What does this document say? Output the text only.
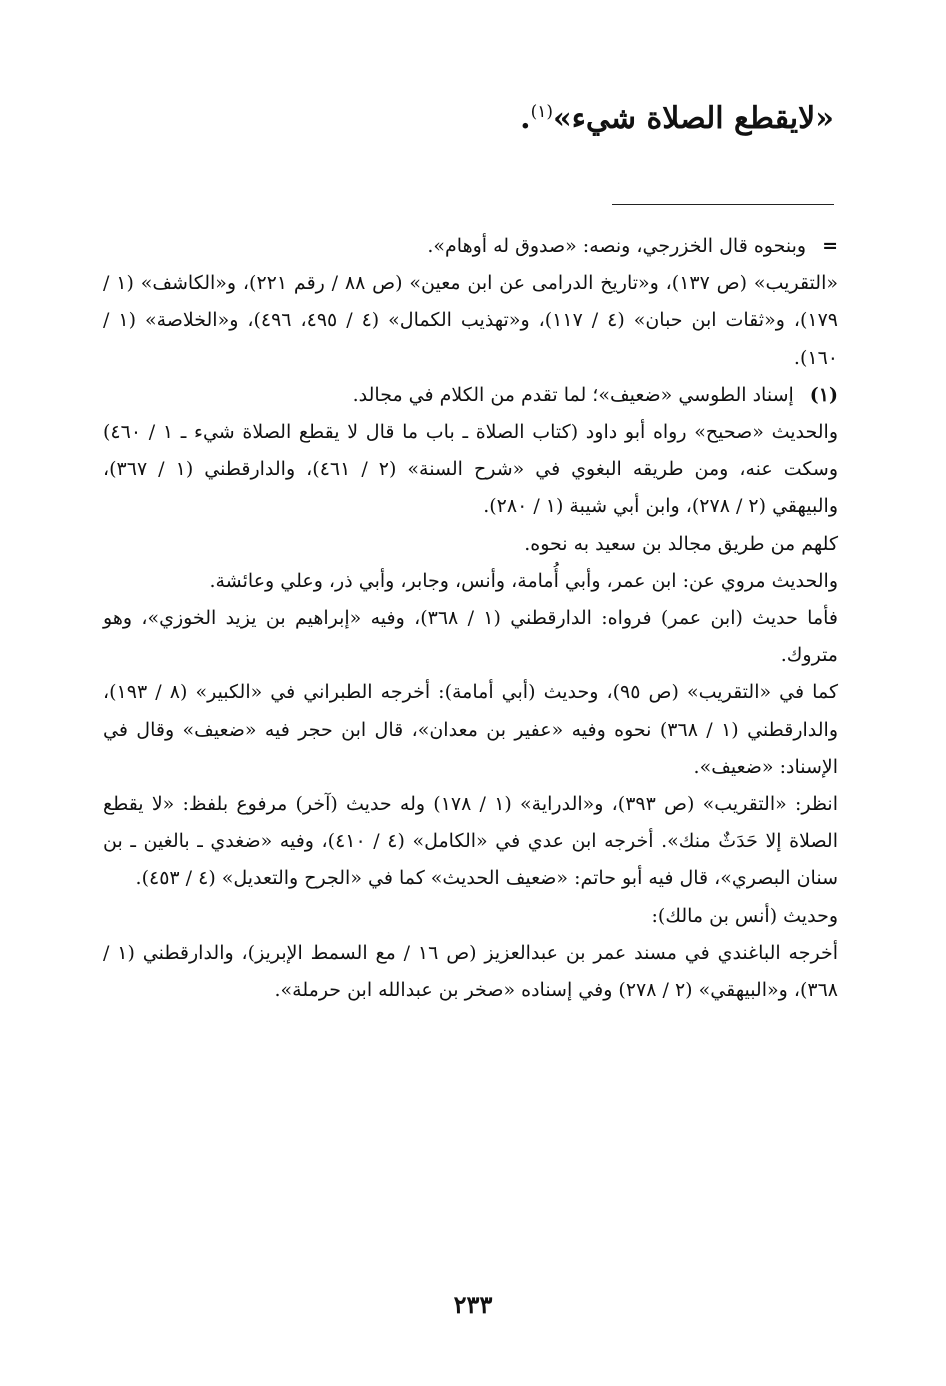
«لايقطع الصلاة شيء»$^{(١)}$.

=وبنحوه قال الخزرجي، ونصه: «صدوق له أوهام».

«التقريب» (ص ١٣٧)، و«تاريخ الدرامى عن ابن معين» (ص ٨٨ / رقم ٢٢١)، و«الكاشف» (١ / ١٧٩)، و«ثقات ابن حبان» (٤ / ١١٧)، و«تهذيب الكمال» (٤ / ٤٩٥، ٤٩٦)، و«الخلاصة» (١ / ١٦٠).

(١)إسناد الطوسي «ضعيف»؛ لما تقدم من الكلام في مجالد.

والحديث «صحيح» رواه أبو داود (كتاب الصلاة ـ باب ما قال لا يقطع الصلاة شيء ـ ١ / ٤٦٠) وسكت عنه، ومن طريقه البغوي في «شرح السنة» (٢ / ٤٦١)، والدارقطني (١ / ٣٦٧)، والبيهقي (٢ / ٢٧٨)، وابن أبي شيبة (١ / ٢٨٠).

كلهم من طريق مجالد بن سعيد به نحوه.

والحديث مروي عن: ابن عمر، وأبي أُمامة، وأنس، وجابر، وأبي ذر، وعلي وعائشة.

فأما حديث (ابن عمر) فرواه: الدارقطني (١ / ٣٦٨)، وفيه «إبراهيم بن يزيد الخوزي»، وهو متروك.

كما في «التقريب» (ص ٩٥)، وحديث (أبي أمامة): أخرجه الطبراني في «الكبير» (٨ / ١٩٣)، والدارقطني (١ / ٣٦٨) نحوه وفيه «عفير بن معدان»، قال ابن حجر فيه «ضعيف» وقال في الإسناد: «ضعيف».

انظر: «التقريب» (ص ٣٩٣)، و«الدراية» (١ / ١٧٨) وله حديث (آخر) مرفوع بلفظ: «لا يقطع الصلاة إلا حَدَثٌ منك». أخرجه ابن عدي في «الكامل» (٤ / ٤١٠)، وفيه «ضغدي ـ بالغين ـ بن سنان البصري»، قال فيه أبو حاتم: «ضعيف الحديث» كما في «الجرح والتعديل» (٤ / ٤٥٣).

وحديث (أنس بن مالك):

أخرجه الباغندي في مسند عمر بن عبدالعزيز (ص ١٦ / مع السمط الإبريز)، والدارقطني (١ / ٣٦٨)، و«البيهقي» (٢ / ٢٧٨) وفي إسناده «صخر بن عبدالله ابن حرملة».

٢٣٣
